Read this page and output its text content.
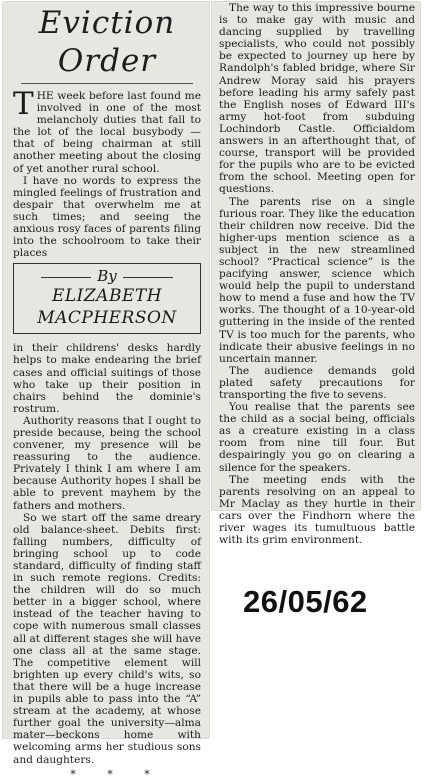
Eviction
Order

THE week before last found me involved in one of the most melancholy duties that fall to the lot of the local busybody — that of being chairman at still another meeting about the closing of yet another rural school.

I have no words to express the mingled feelings of frustration and despair that overwhelm me at such times; and seeing the anxious rosy faces of parents filing into the schoolroom to take their places

By
ELIZABETH
MACPHERSON

in their childrens' desks hardly helps to make endearing the brief cases and official suitings of those who take up their position in chairs behind the dominie's rostrum.

Authority reasons that I ought to preside because, being the school convener, my presence will be reassuring to the audience. Privately I think I am where I am because Authority hopes I shall be able to prevent mayhem by the fathers and mothers.

So we start off the same dreary old balance-sheet. Debits first: falling numbers, difficulty of bringing school up to code standard, difficulty of finding staff in such remote regions. Credits: the children will do so much better in a bigger school, where instead of the teacher having to cope with numerous small classes all at different stages she will have one class all at the same stage. The competitive element will brighten up every child's wits, so that there will be a huge increase in pupils able to pass into the “A” stream at the academy, at whose further goal the university—alma mater—beckons home with welcoming arms her studious sons and daughters.

* * *

The way to this impressive bourne is to make gay with music and dancing supplied by travelling specialists, who could not possibly be expected to journey up here by Randolph's fabled bridge, where Sir Andrew Moray said his prayers before leading his army safely past the English noses of Edward III's army hot-foot from subduing Lochindorb Castle. Officialdom answers in an afterthought that, of course, transport will be provided for the pupils who are to be evicted from the school. Meeting open for questions.

The parents rise on a single furious roar. They like the education their children now receive. Did the higher-ups mention science as a subject in the new streamlined school? “Practical science” is the pacifying answer, science which would help the pupil to understand how to mend a fuse and how the TV works. The thought of a 10-year-old guttering in the inside of the rented TV is too much for the parents, who indicate their abusive feelings in no uncertain manner.

The audience demands gold plated safety precautions for transporting the five to sevens.

You realise that the parents see the child as a social being, officials as a creature existing in a class room from nine till four. But despairingly you go on clearing a silence for the speakers.

The meeting ends with the parents resolving on an appeal to Mr Maclay as they hurtle in their cars over the Findhorn where the river wages its tumultuous battle with its grim environment.

26/05/62
